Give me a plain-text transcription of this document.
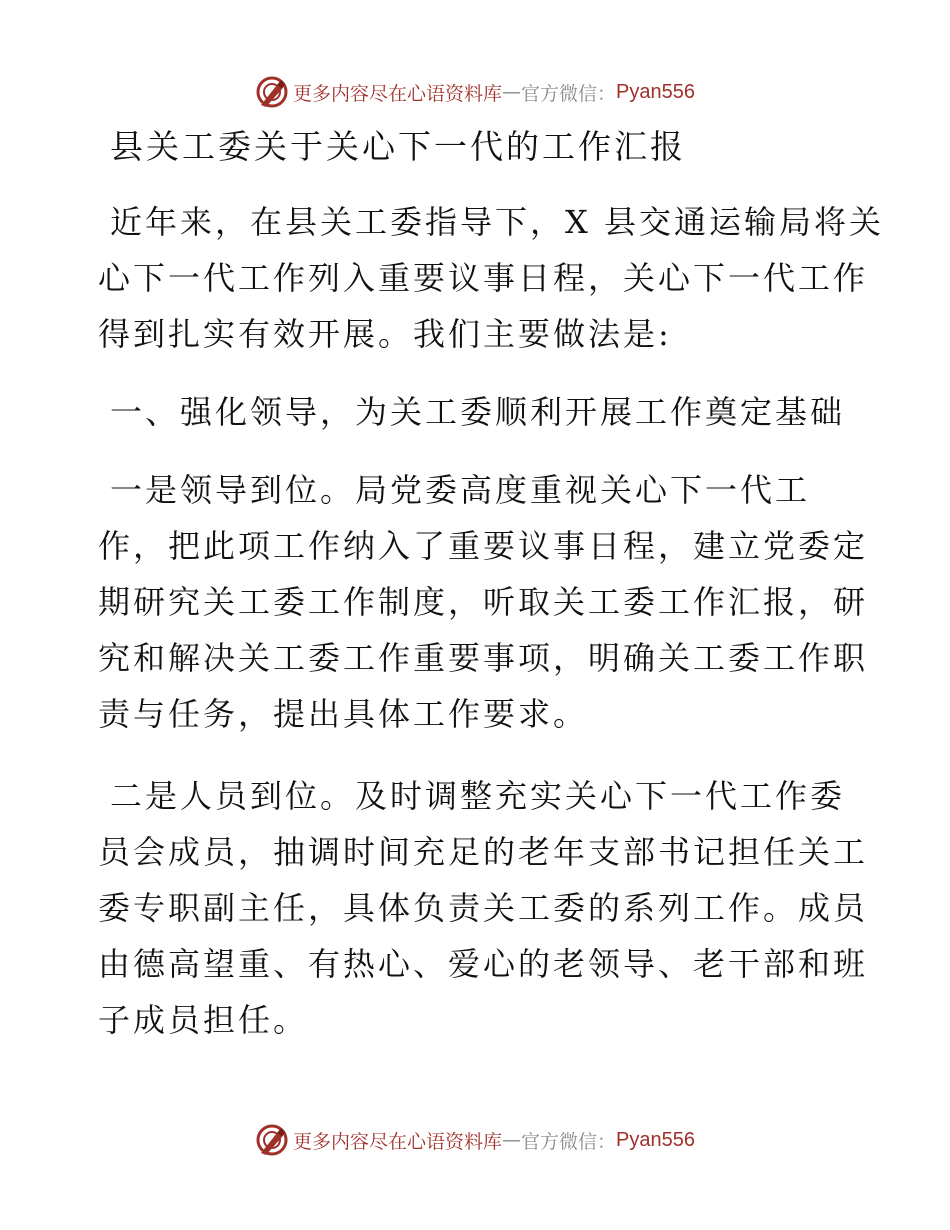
更多内容尽在心语资料库 — 官方微信： Pyan556
县关工委关于关心下一代的工作汇报

近年来，在县关工委指导下，X 县交通运输局将关
心下一代工作列入重要议事日程，关心下一代工作
得到扎实有效开展。我们主要做法是:

一、强化领导，为关工委顺利开展工作奠定基础

一是领导到位。局党委高度重视关心下一代工
作，把此项工作纳入了重要议事日程，建立党委定
期研究关工委工作制度，听取关工委工作汇报，研
究和解决关工委工作重要事项，明确关工委工作职
责与任务，提出具体工作要求。

二是人员到位。及时调整充实关心下一代工作委
员会成员，抽调时间充足的老年支部书记担任关工
委专职副主任，具体负责关工委的系列工作。成员
由德高望重、有热心、爱心的老领导、老干部和班
子成员担任。

更多内容尽在心语资料库 — 官方微信： Pyan556
